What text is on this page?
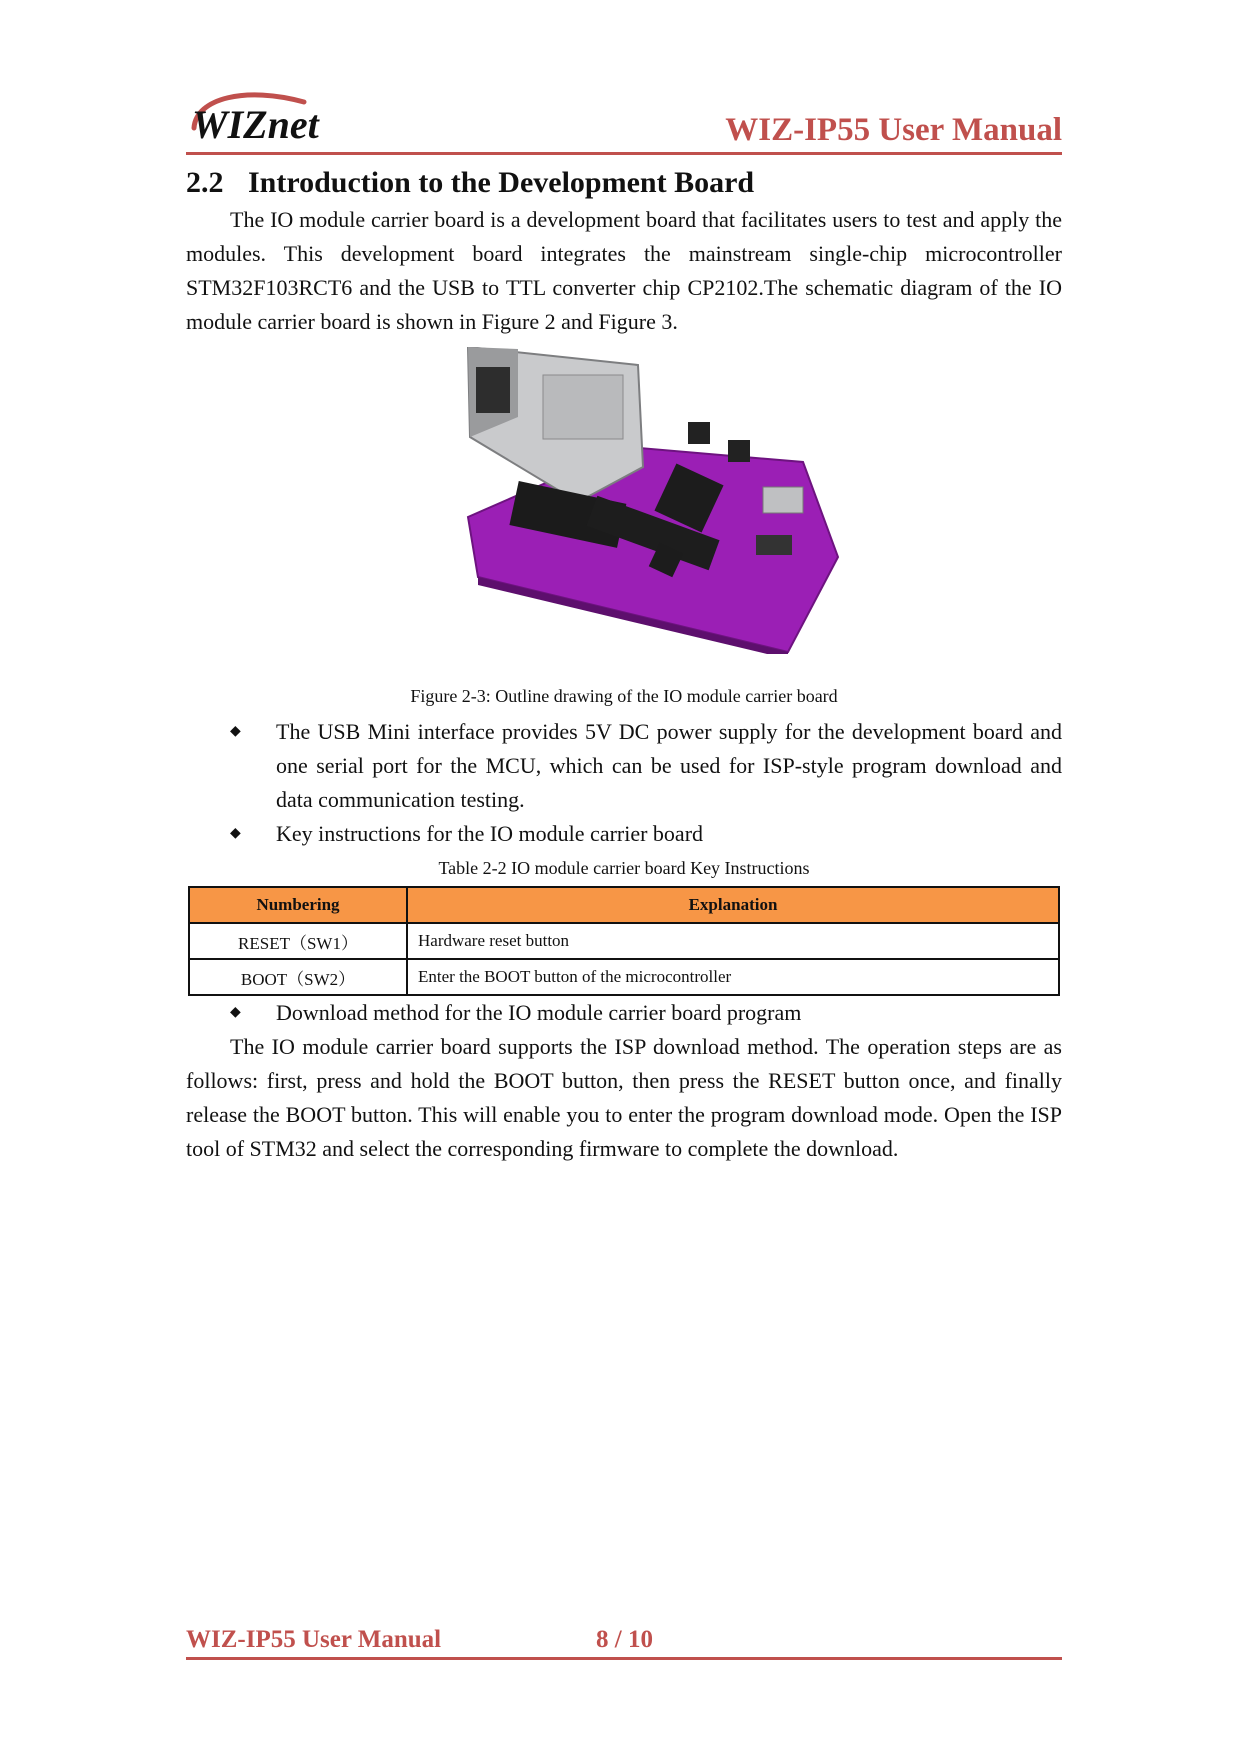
WIZnet	WIZ-IP55 User Manual
2.2 Introduction to the Development Board

The IO module carrier board is a development board that facilitates users to test and apply the modules. This development board integrates the mainstream single-chip microcontroller STM32F103RCT6 and the USB to TTL converter chip CP2102.The schematic diagram of the IO module carrier board is shown in Figure 2 and Figure 3.

Figure 2-3: Outline drawing of the IO module carrier board
◆ The USB Mini interface provides 5V DC power supply for the development board and one serial port for the MCU, which can be used for ISP-style program download and data communication testing.
◆ Key instructions for the IO module carrier board
Table 2-2 IO module carrier board Key Instructions
Numbering	Explanation
RESET（SW1）	Hardware reset button
BOOT（SW2）	Enter the BOOT button of the microcontroller
◆ Download method for the IO module carrier board program

The IO module carrier board supports the ISP download method. The operation steps are as follows: first, press and hold the BOOT button, then press the RESET button once, and finally release the BOOT button. This will enable you to enter the program download mode. Open the ISP tool of STM32 and select the corresponding firmware to complete the download.

WIZ-IP55 User Manual	8 / 10
